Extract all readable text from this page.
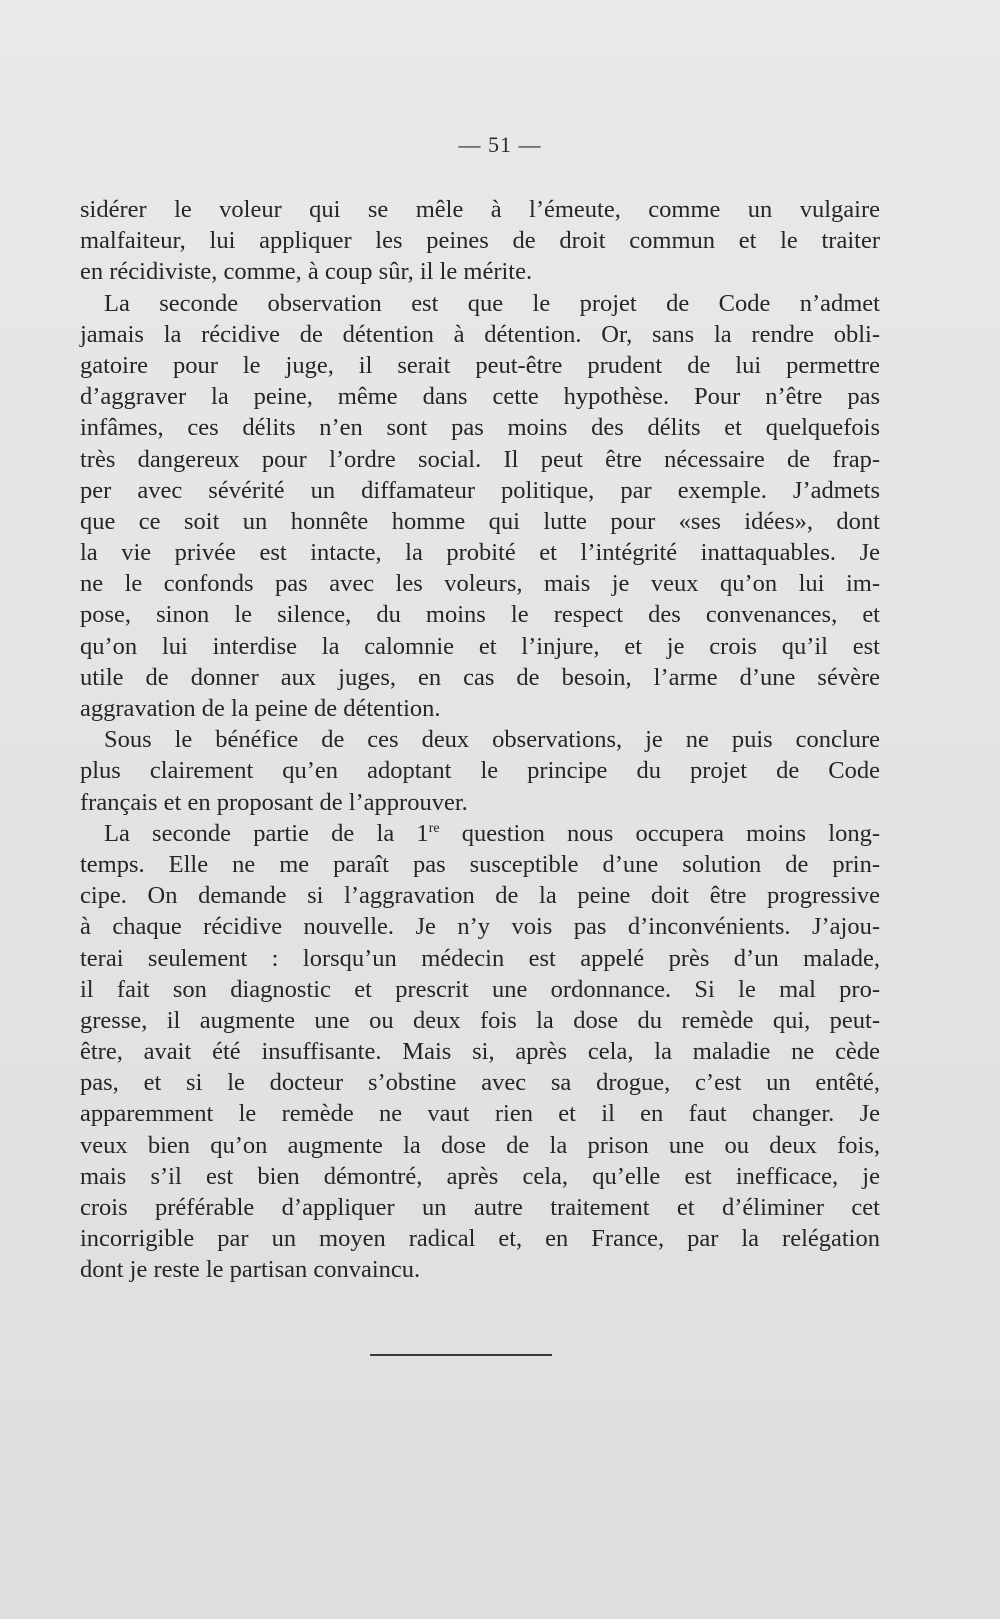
— 51 —
sidérer le voleur qui se mêle à l’émeute, comme un vulgaire
malfaiteur, lui appliquer les peines de droit commun et le traiter
en récidiviste, comme, à coup sûr, il le mérite.
La seconde observation est que le projet de Code n’admet
jamais la récidive de détention à détention. Or, sans la rendre obli-
gatoire pour le juge, il serait peut-être prudent de lui permettre
d’aggraver la peine, même dans cette hypothèse. Pour n’être pas
infâmes, ces délits n’en sont pas moins des délits et quelquefois
très dangereux pour l’ordre social. Il peut être nécessaire de frap-
per avec sévérité un diffamateur politique, par exemple. J’admets
que ce soit un honnête homme qui lutte pour «ses idées», dont
la vie privée est intacte, la probité et l’intégrité inattaquables. Je
ne le confonds pas avec les voleurs, mais je veux qu’on lui im-
pose, sinon le silence, du moins le respect des convenances, et
qu’on lui interdise la calomnie et l’injure, et je crois qu’il est
utile de donner aux juges, en cas de besoin, l’arme d’une sévère
aggravation de la peine de détention.
Sous le bénéfice de ces deux observations, je ne puis conclure
plus clairement qu’en adoptant le principe du projet de Code
français et en proposant de l’approuver.
La seconde partie de la 1re question nous occupera moins long-
temps. Elle ne me paraît pas susceptible d’une solution de prin-
cipe. On demande si l’aggravation de la peine doit être progressive
à chaque récidive nouvelle. Je n’y vois pas d’inconvénients. J’ajou-
terai seulement : lorsqu’un médecin est appelé près d’un malade,
il fait son diagnostic et prescrit une ordonnance. Si le mal pro-
gresse, il augmente une ou deux fois la dose du remède qui, peut-
être, avait été insuffisante. Mais si, après cela, la maladie ne cède
pas, et si le docteur s’obstine avec sa drogue, c’est un entêté,
apparemment le remède ne vaut rien et il en faut changer. Je
veux bien qu’on augmente la dose de la prison une ou deux fois,
mais s’il est bien démontré, après cela, qu’elle est inefficace, je
crois préférable d’appliquer un autre traitement et d’éliminer cet
incorrigible par un moyen radical et, en France, par la relégation
dont je reste le partisan convaincu.
